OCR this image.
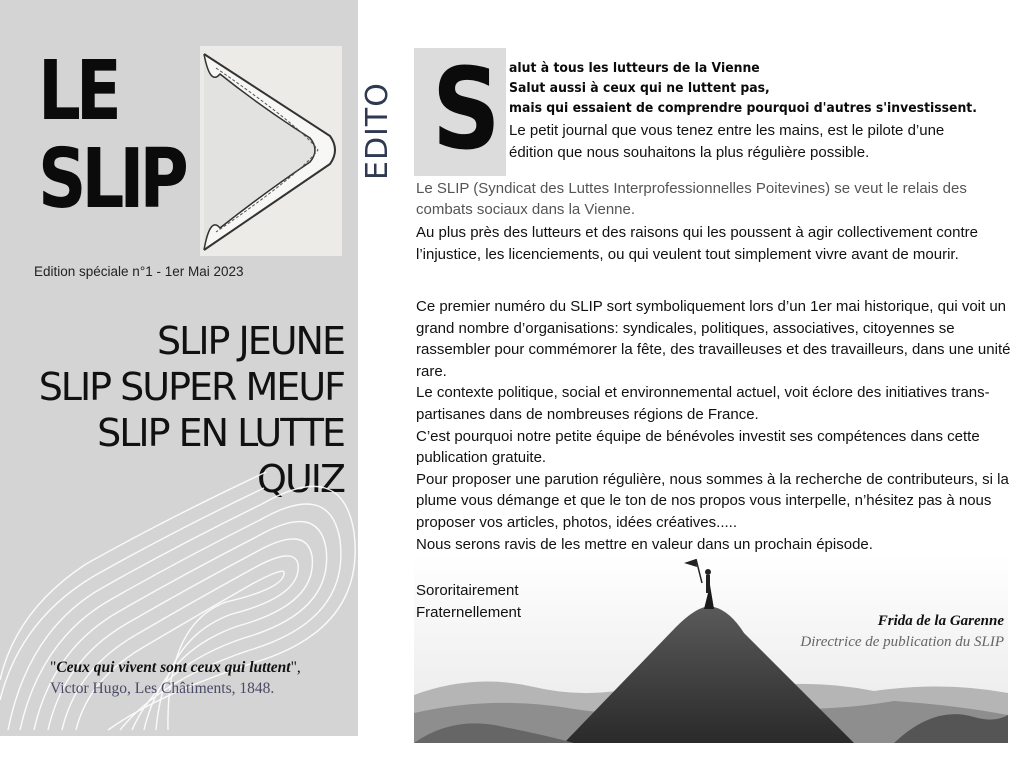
LE
SLIP
Edition spéciale n°1 - 1er Mai 2023
SLIP JEUNE
SLIP SUPER MEUF
SLIP EN LUTTE
QUIZ
"Ceux qui vivent sont ceux qui luttent", Victor Hugo, Les Châtiments, 1848.
EDITO S alut à tous les lutteurs de la Vienne
Salut aussi à ceux qui ne luttent pas,
mais qui essaient de comprendre pourquoi d'autres s'investissent.
Le petit journal que vous tenez entre les mains, est le pilote d’une édition que nous souhaitons la plus régulière possible.
Le SLIP (Syndicat des Luttes Interprofessionnelles Poitevines) se veut le relais des combats sociaux dans la Vienne.
Au plus près des lutteurs et des raisons qui les poussent à agir collectivement contre l’injustice, les licenciements, ou qui veulent tout simplement vivre avant de mourir.

Ce premier numéro du SLIP sort symboliquement lors d’un 1er mai historique, qui voit un grand nombre d’organisations: syndicales, politiques, associatives, citoyennes se rassembler pour commémorer la fête, des travailleuses et des travailleurs, dans une unité rare.

Le contexte politique, social et environnemental actuel, voit éclore des initiatives trans-partisanes dans de nombreuses régions de France.

C’est pourquoi notre petite équipe de bénévoles investit ses compétences dans cette publication gratuite.

Pour proposer une parution régulière, nous sommes à la recherche de contributeurs, si la plume vous démange et que le ton de nos propos vous interpelle, n’hésitez pas à nous proposer vos articles, photos, idées créatives.....

Nous serons ravis de les mettre en valeur dans un prochain épisode.

Sororitairement
Fraternellement	Frida de la Garenne
Directrice de publication du SLIP
